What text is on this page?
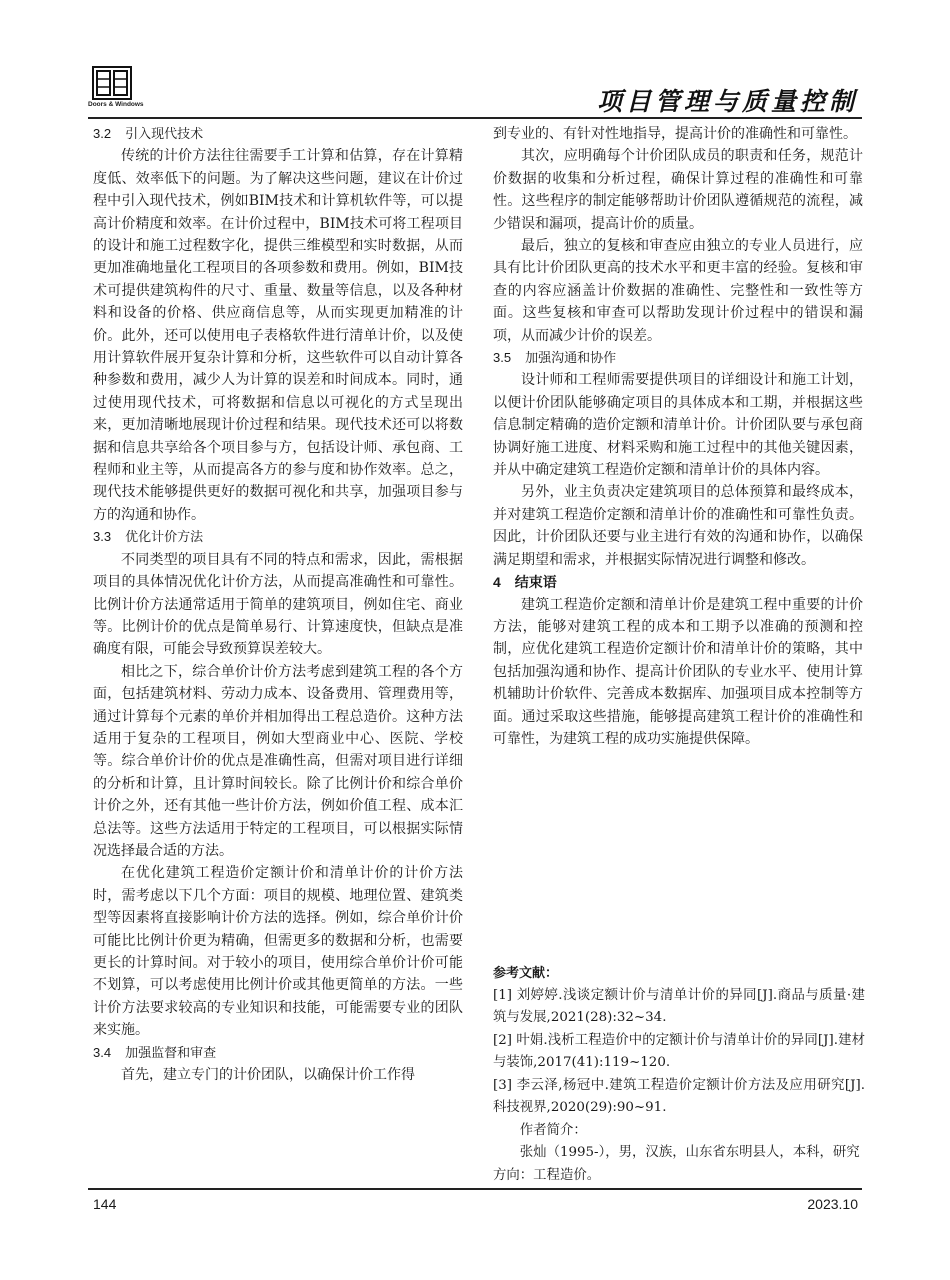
Doors & Windows	项目管理与质量控制
3.2 引入现代技术

传统的计价方法往往需要手工计算和估算，存在计算精度低、效率低下的问题。为了解决这些问题，建议在计价过程中引入现代技术，例如BIM技术和计算机软件等，可以提高计价精度和效率。在计价过程中，BIM技术可将工程项目的设计和施工过程数字化，提供三维模型和实时数据，从而更加准确地量化工程项目的各项参数和费用。例如，BIM技术可提供建筑构件的尺寸、重量、数量等信息，以及各种材料和设备的价格、供应商信息等，从而实现更加精准的计价。此外，还可以使用电子表格软件进行清单计价，以及使用计算软件展开复杂计算和分析，这些软件可以自动计算各种参数和费用，减少人为计算的误差和时间成本。同时，通过使用现代技术，可将数据和信息以可视化的方式呈现出来，更加清晰地展现计价过程和结果。现代技术还可以将数据和信息共享给各个项目参与方，包括设计师、承包商、工程师和业主等，从而提高各方的参与度和协作效率。总之，现代技术能够提供更好的数据可视化和共享，加强项目参与方的沟通和协作。

3.3 优化计价方法

不同类型的项目具有不同的特点和需求，因此，需根据项目的具体情况优化计价方法，从而提高准确性和可靠性。比例计价方法通常适用于简单的建筑项目，例如住宅、商业等。比例计价的优点是简单易行、计算速度快，但缺点是准确度有限，可能会导致预算误差较大。

相比之下，综合单价计价方法考虑到建筑工程的各个方面，包括建筑材料、劳动力成本、设备费用、管理费用等，通过计算每个元素的单价并相加得出工程总造价。这种方法适用于复杂的工程项目，例如大型商业中心、医院、学校等。综合单价计价的优点是准确性高，但需对项目进行详细的分析和计算，且计算时间较长。除了比例计价和综合单价计价之外，还有其他一些计价方法，例如价值工程、成本汇总法等。这些方法适用于特定的工程项目，可以根据实际情况选择最合适的方法。

在优化建筑工程造价定额计价和清单计价的计价方法时，需考虑以下几个方面：项目的规模、地理位置、建筑类型等因素将直接影响计价方法的选择。例如，综合单价计价可能比比例计价更为精确，但需更多的数据和分析，也需要更长的计算时间。对于较小的项目，使用综合单价计价可能不划算，可以考虑使用比例计价或其他更简单的方法。一些计价方法要求较高的专业知识和技能，可能需要专业的团队来实施。

3.4 加强监督和审查

首先，建立专门的计价团队，以确保计价工作得

到专业的、有针对性地指导，提高计价的准确性和可靠性。

其次，应明确每个计价团队成员的职责和任务，规范计价数据的收集和分析过程，确保计算过程的准确性和可靠性。这些程序的制定能够帮助计价团队遵循规范的流程，减少错误和漏项，提高计价的质量。

最后，独立的复核和审查应由独立的专业人员进行，应具有比计价团队更高的技术水平和更丰富的经验。复核和审查的内容应涵盖计价数据的准确性、完整性和一致性等方面。这些复核和审查可以帮助发现计价过程中的错误和漏项，从而减少计价的误差。

3.5 加强沟通和协作

设计师和工程师需要提供项目的详细设计和施工计划，以便计价团队能够确定项目的具体成本和工期，并根据这些信息制定精确的造价定额和清单计价。计价团队要与承包商协调好施工进度、材料采购和施工过程中的其他关键因素，并从中确定建筑工程造价定额和清单计价的具体内容。

另外，业主负责决定建筑项目的总体预算和最终成本，并对建筑工程造价定额和清单计价的准确性和可靠性负责。因此，计价团队还要与业主进行有效的沟通和协作，以确保满足期望和需求，并根据实际情况进行调整和修改。

4 结束语

建筑工程造价定额和清单计价是建筑工程中重要的计价方法，能够对建筑工程的成本和工期予以准确的预测和控制，应优化建筑工程造价定额计价和清单计价的策略，其中包括加强沟通和协作、提高计价团队的专业水平、使用计算机辅助计价软件、完善成本数据库、加强项目成本控制等方面。通过采取这些措施，能够提高建筑工程计价的准确性和可靠性，为建筑工程的成功实施提供保障。

参考文献：

[1] 刘婷婷.浅谈定额计价与清单计价的异同[J].商品与质量·建筑与发展,2021(28):32~34.

[2] 叶娟.浅析工程造价中的定额计价与清单计价的异同[J].建材与装饰,2017(41):119~120.

[3] 李云泽,杨冠中.建筑工程造价定额计价方法及应用研究[J].科技视界,2020(29):90~91.

作者简介：

张灿（1995-），男，汉族，山东省东明县人，本科，研究方向：工程造价。

144	2023.10
